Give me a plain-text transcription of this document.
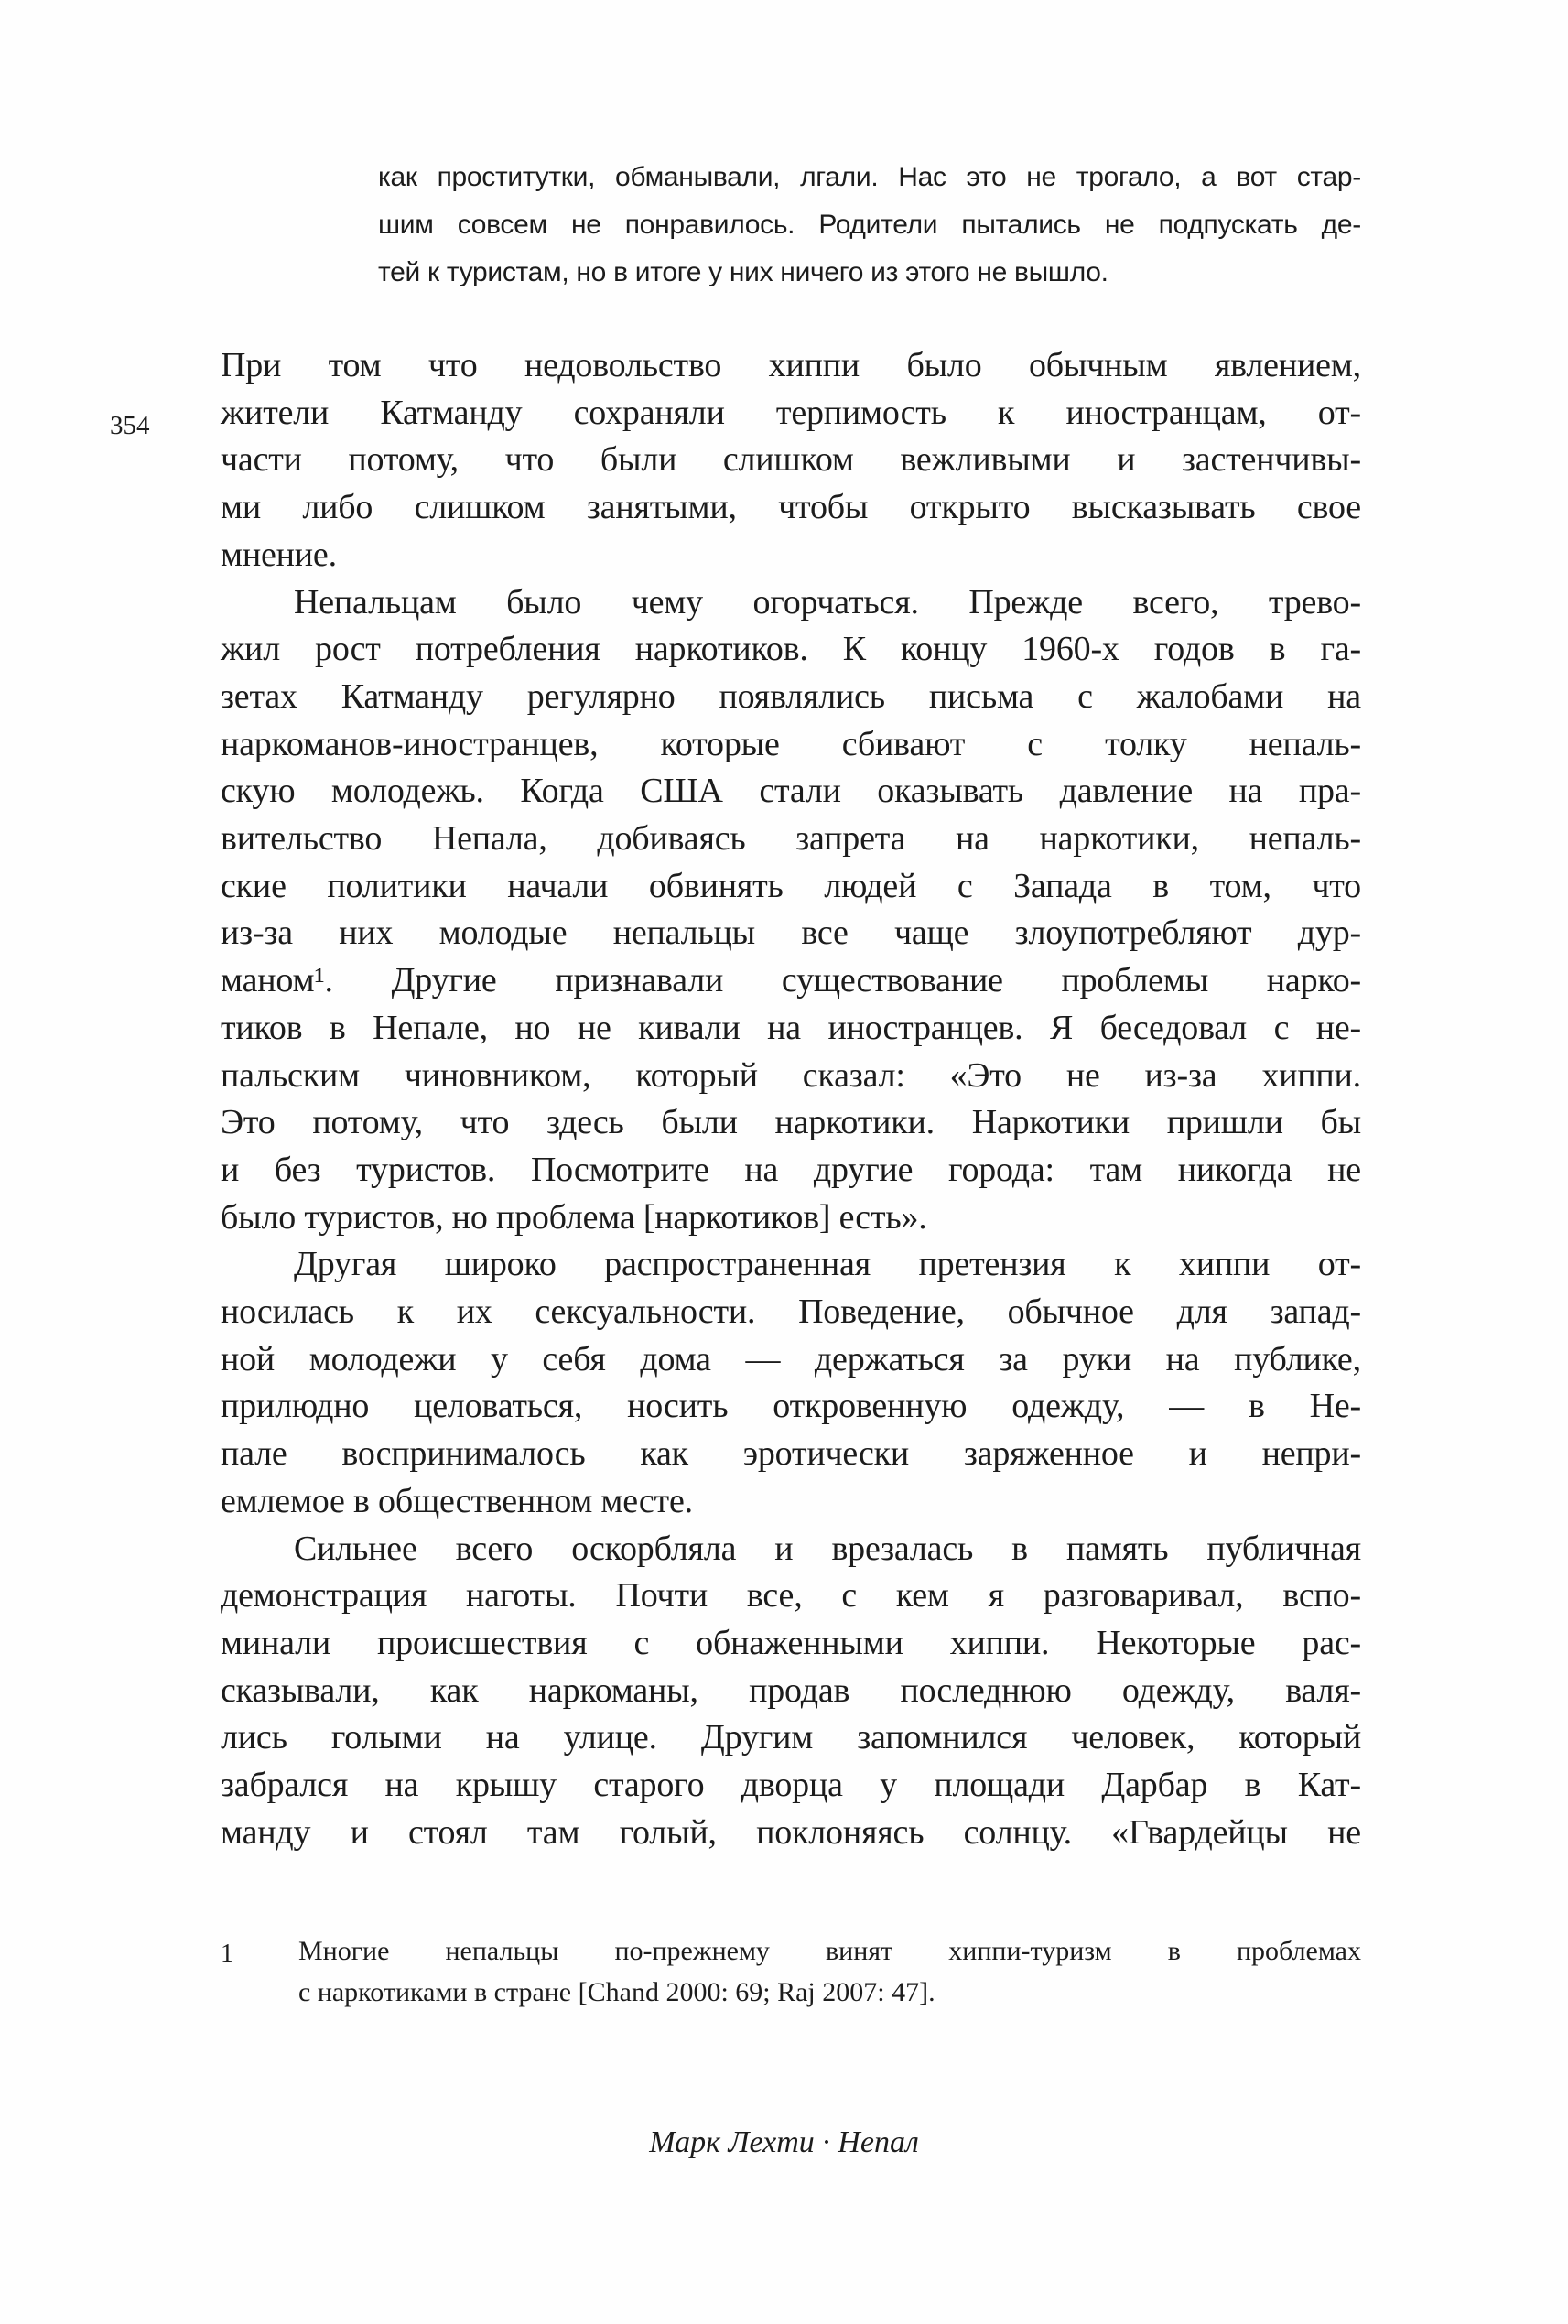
как проститутки, обманывали, лгали. Нас это не трогало, а вот стар-
шим совсем не понравилось. Родители пытались не подпускать де-
тей к туристам, но в итоге у них ничего из этого не вышло.
354
При том что недовольство хиппи было обычным явлением,
жители Катманду сохраняли терпимость к иностранцам, от-
части потому, что были слишком вежливыми и застенчивы-
ми либо слишком занятыми, чтобы открыто высказывать свое
мнение.
Непальцам было чему огорчаться. Прежде всего, трево-
жил рост потребления наркотиков. К концу 1960-х годов в га-
зетах Катманду регулярно появлялись письма с жалобами на
наркоманов-иностранцев, которые сбивают с толку непаль-
скую молодежь. Когда США стали оказывать давление на пра-
вительство Непала, добиваясь запрета на наркотики, непаль-
ские политики начали обвинять людей с Запада в том, что
из-за них молодые непальцы все чаще злоупотребляют дур-
маном¹. Другие признавали существование проблемы нарко-
тиков в Непале, но не кивали на иностранцев. Я беседовал с не-
пальским чиновником, который сказал: «Это не из-за хиппи.
Это потому, что здесь были наркотики. Наркотики пришли бы
и без туристов. Посмотрите на другие города: там никогда не
было туристов, но проблема [наркотиков] есть».
Другая широко распространенная претензия к хиппи от-
носилась к их сексуальности. Поведение, обычное для запад-
ной молодежи у себя дома — держаться за руки на публике,
прилюдно целоваться, носить откровенную одежду, — в Не-
пале воспринималось как эротически заряженное и непри-
емлемое в общественном месте.
Сильнее всего оскорбляла и врезалась в память публичная
демонстрация наготы. Почти все, с кем я разговаривал, вспо-
минали происшествия с обнаженными хиппи. Некоторые рас-
сказывали, как наркоманы, продав последнюю одежду, валя-
лись голыми на улице. Другим запомнился человек, который
забрался на крышу старого дворца у площади Дарбар в Кат-
манду и стоял там голый, поклоняясь солнцу. «Гвардейцы не
1 Многие непальцы по-прежнему винят хиппи-туризм в проблемах
с наркотиками в стране [Chand 2000: 69; Raj 2007: 47].
Марк Лехти · Непал
